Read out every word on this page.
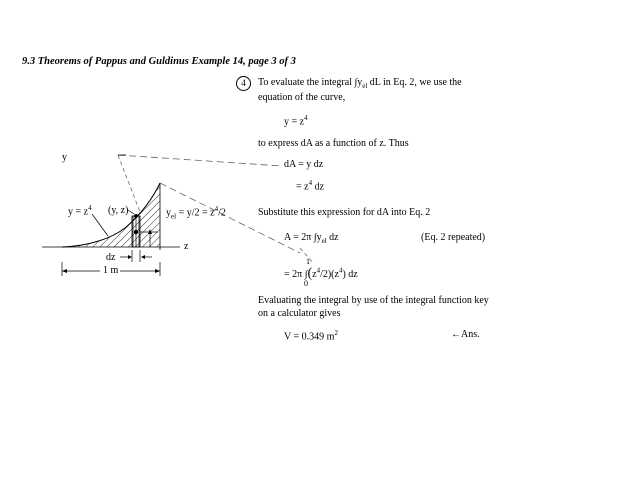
9.3 Theorems of Pappus and Guldinus Example 14, page 3 of 3
4	To evaluate the integral $\int y_{el}$ dL in Eq. 2, we use the
equation of the curve,
$y = z^4$
to express dA as a function of z. Thus
dA = y dz
= $z^4$ dz
Substitute this expression for dA into Eq. 2
A = 2π $\int y_{el}$ dz	(Eq. 2 repeated)
1
0
= 2π $\int(z^4/2)(z^4)$ dz
Evaluating the integral by use of the integral function key
on a calculator gives
V = 0.349 $m^2$	←Ans.
y
z
$y = z^4$ (y, z)	$y_{el} = y/2 = z^4/2$
dz
1 m
